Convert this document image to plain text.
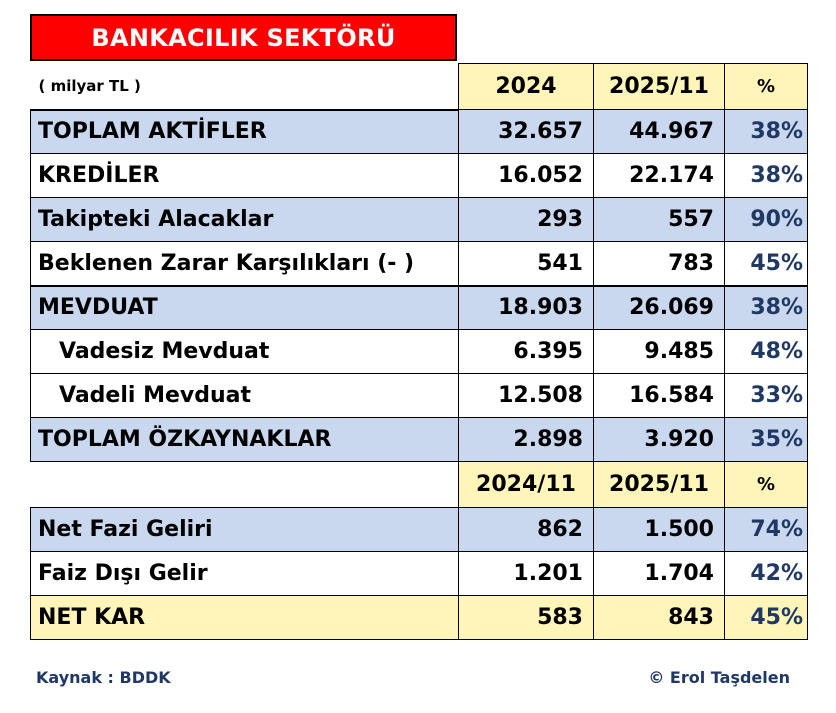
BANKACILIK SEKTÖRÜ
( milyar TL )	2024	2025/11	%
TOPLAM AKTİFLER	32.657	44.967	38%
KREDİLER	16.052	22.174	38%
Takipteki Alacaklar	293	557	90%
Beklenen Zarar Karşılıkları (- )	541	783	45%
MEVDUAT	18.903	26.069	38%
Vadesiz Mevduat	6.395	9.485	48%
Vadeli Mevduat	12.508	16.584	33%
TOPLAM ÖZKAYNAKLAR	2.898	3.920	35%
	2024/11	2025/11	%
Net Fazi Geliri	862	1.500	74%
Faiz Dışı Gelir	1.201	1.704	42%
NET KAR	583	843	45%
Kaynak : BDDK	© Erol Taşdelen
